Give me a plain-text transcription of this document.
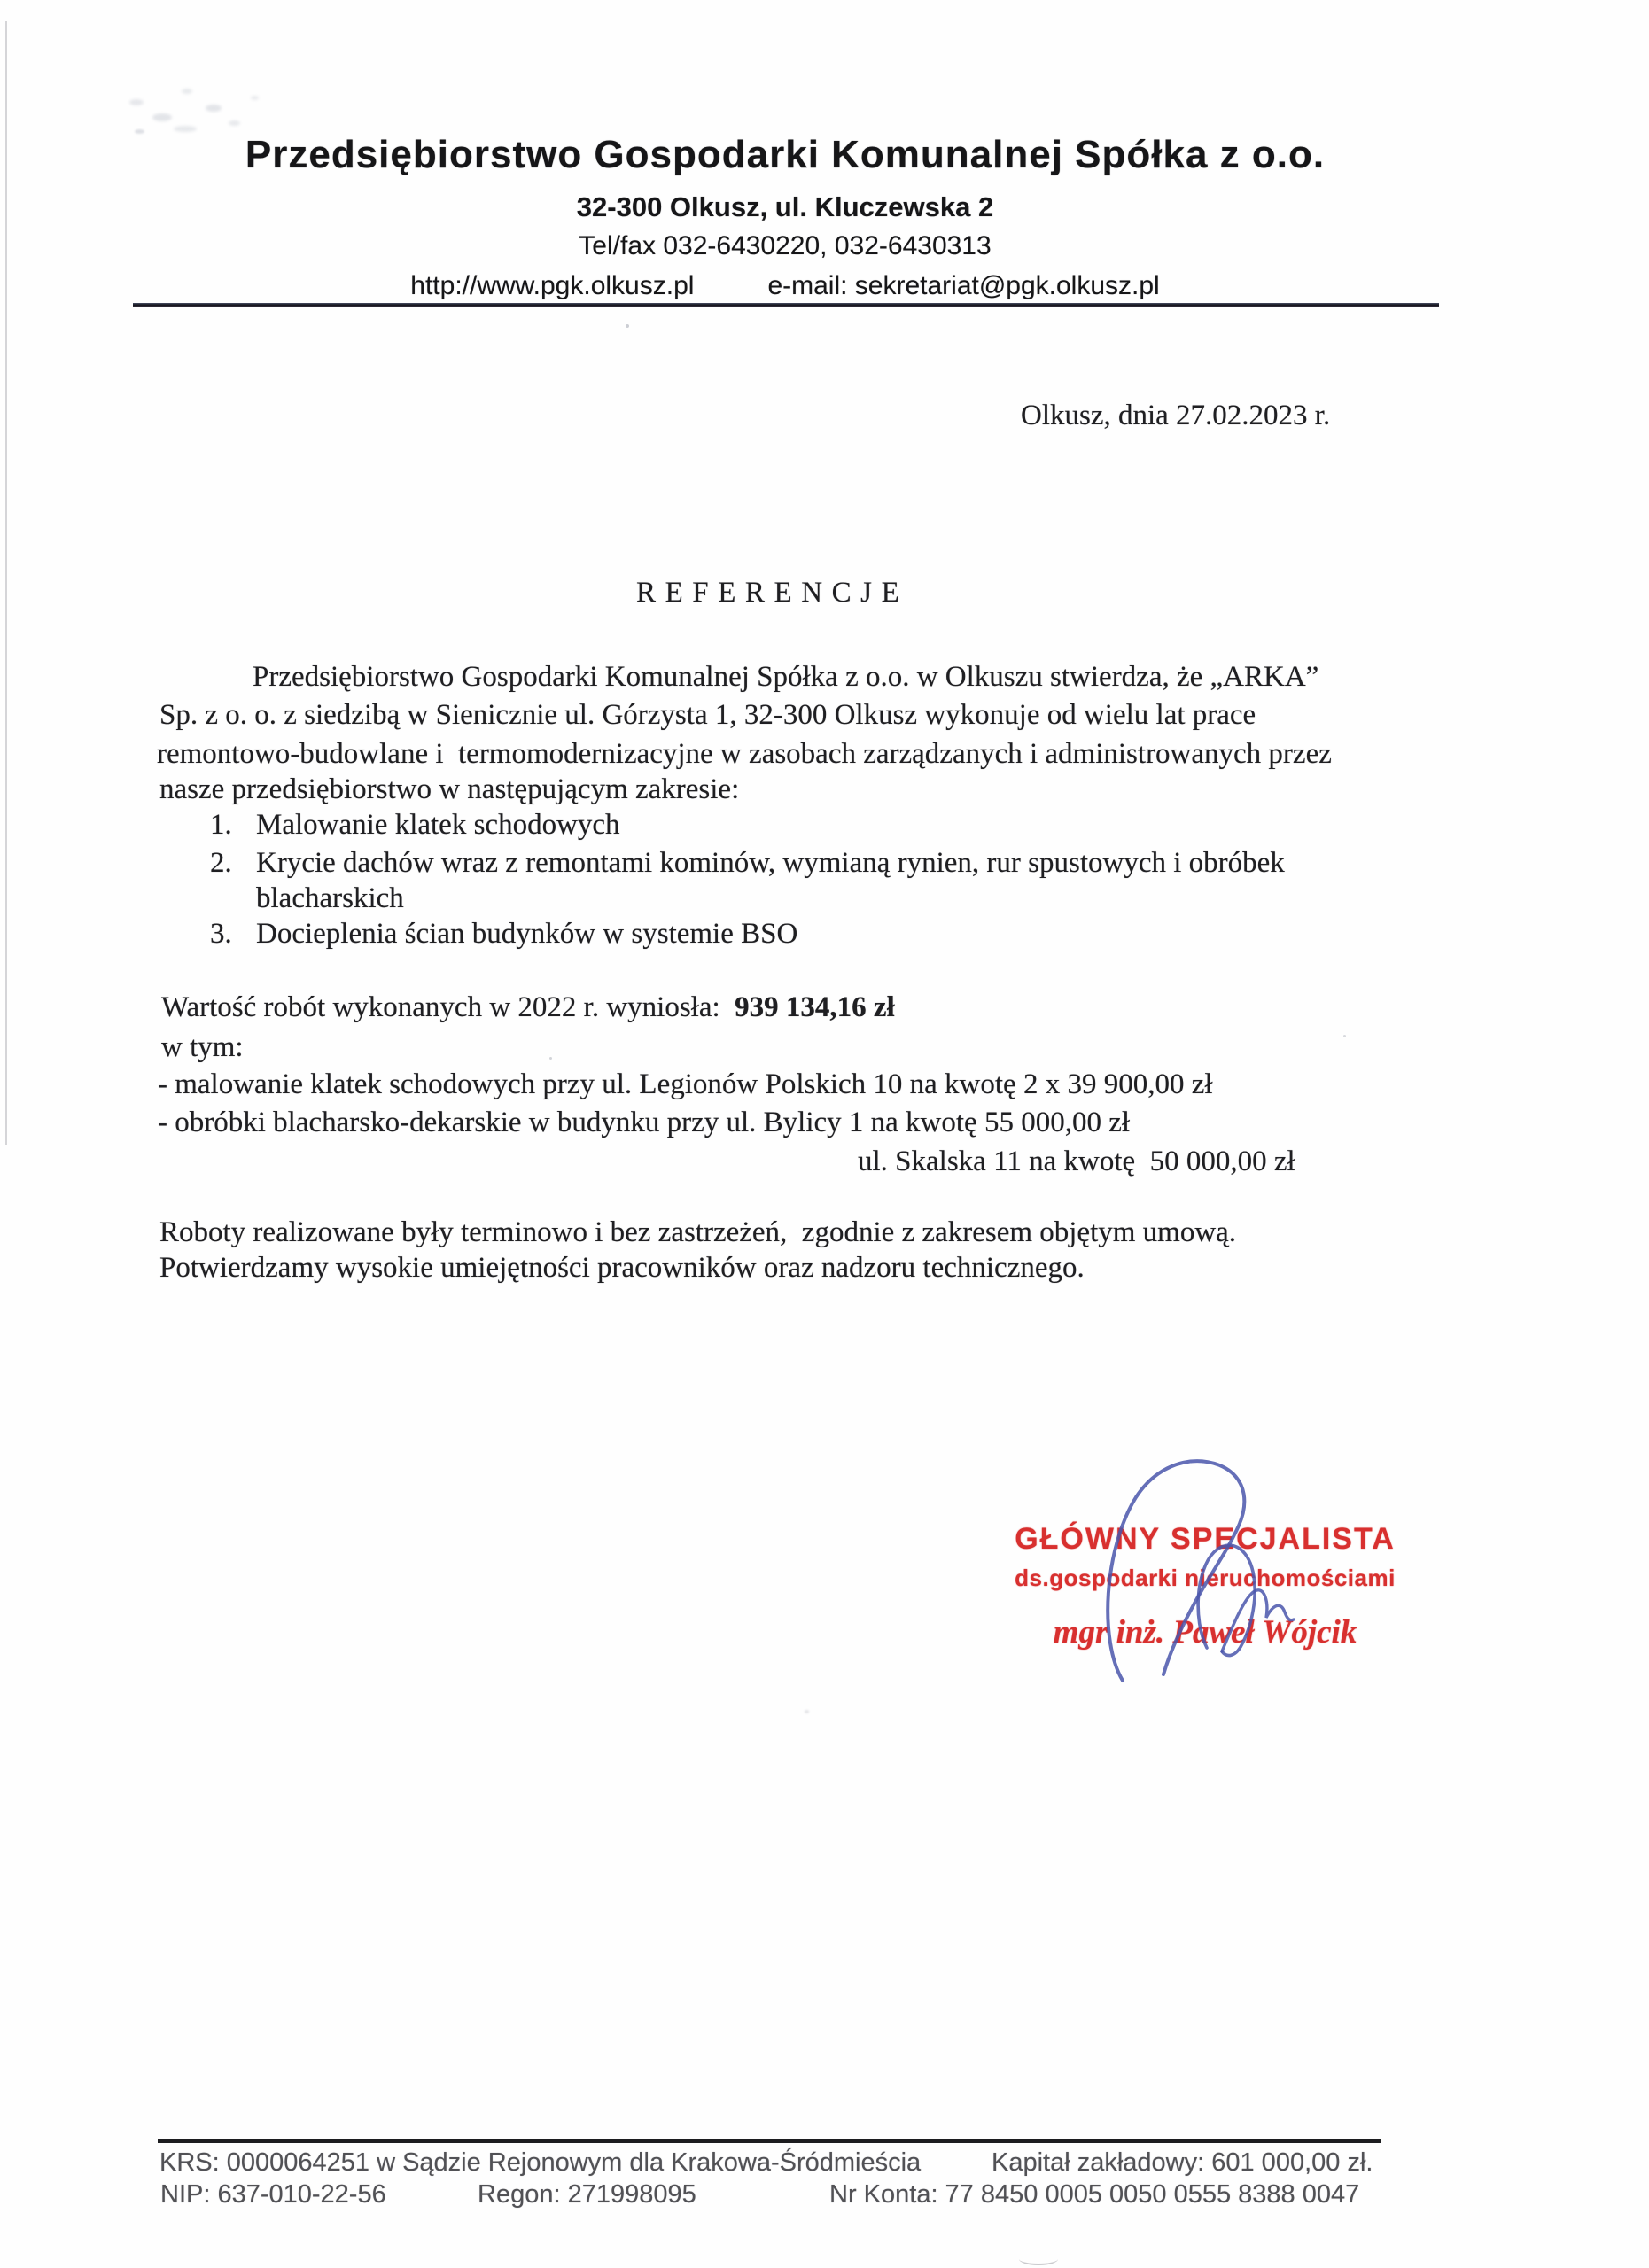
Przedsiębiorstwo Gospodarki Komunalnej Spółka z o.o.
32-300 Olkusz, ul. Kluczewska 2
Tel/fax 032-6430220, 032-6430313
http://www.pgk.olkusz.pl	e-mail: sekretariat@pgk.olkusz.pl
Olkusz, dnia 27.02.2023 r.
REFERENCJE
Przedsiębiorstwo Gospodarki Komunalnej Spółka z o.o. w Olkuszu stwierdza, że „ARKA”
Sp. z o. o. z siedzibą w Sienicznie ul. Górzysta 1, 32-300 Olkusz wykonuje od wielu lat prace
remontowo-budowlane i  termomodernizacyjne w zasobach zarządzanych i administrowanych przez
nasze przedsiębiorstwo w następującym zakresie:
1. Malowanie klatek schodowych
2. Krycie dachów wraz z remontami kominów, wymianą rynien, rur spustowych i obróbek
blacharskich
3. Docieplenia ścian budynków w systemie BSO
Wartość robót wykonanych w 2022 r. wyniosła:  939 134,16 zł
w tym:
- malowanie klatek schodowych przy ul. Legionów Polskich 10 na kwotę 2 x 39 900,00 zł
- obróbki blacharsko-dekarskie w budynku przy ul. Bylicy 1 na kwotę 55 000,00 zł
ul. Skalska 11 na kwotę  50 000,00 zł
Roboty realizowane były terminowo i bez zastrzeżeń,  zgodnie z zakresem objętym umową.
Potwierdzamy wysokie umiejętności pracowników oraz nadzoru technicznego.
GŁÓWNY SPECJALISTA
ds.gospodarki nieruchomościami
mgr inż. Paweł Wójcik
KRS: 0000064251 w Sądzie Rejonowym dla Krakowa-Śródmieścia	Kapitał zakładowy: 601 000,00 zł.
NIP: 637-010-22-56	Regon: 271998095	Nr Konta: 77 8450 0005 0050 0555 8388 0047
